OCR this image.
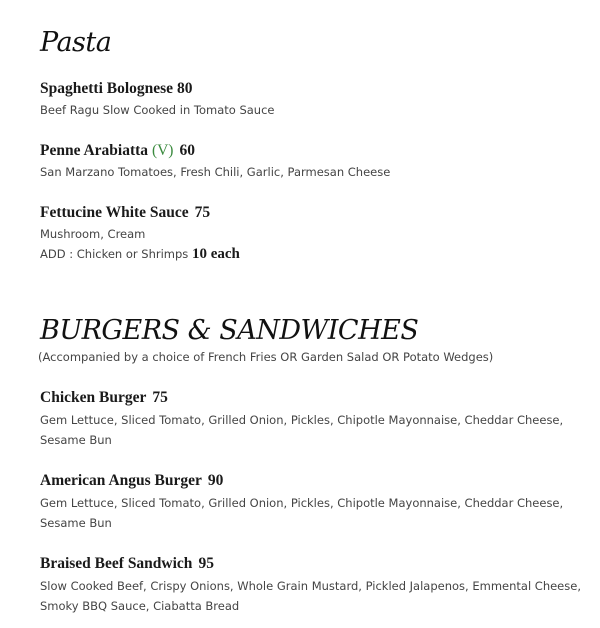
Pasta
Spaghetti Bolognese 80
Beef Ragu Slow Cooked in Tomato Sauce
Penne Arabiatta (V) 60
San Marzano Tomatoes, Fresh Chili, Garlic, Parmesan Cheese
Fettucine White Sauce 75
Mushroom, Cream
ADD : Chicken or Shrimps 10 each
BURGERS & SANDWICHES
(Accompanied by a choice of French Fries OR Garden Salad OR Potato Wedges)
Chicken Burger 75
Gem Lettuce, Sliced Tomato, Grilled Onion, Pickles, Chipotle Mayonnaise, Cheddar Cheese,
Sesame Bun
American Angus Burger 90
Gem Lettuce, Sliced Tomato, Grilled Onion, Pickles, Chipotle Mayonnaise, Cheddar Cheese,
Sesame Bun
Braised Beef Sandwich 95
Slow Cooked Beef, Crispy Onions, Whole Grain Mustard, Pickled Jalapenos, Emmental Cheese,
Smoky BBQ Sauce, Ciabatta Bread
